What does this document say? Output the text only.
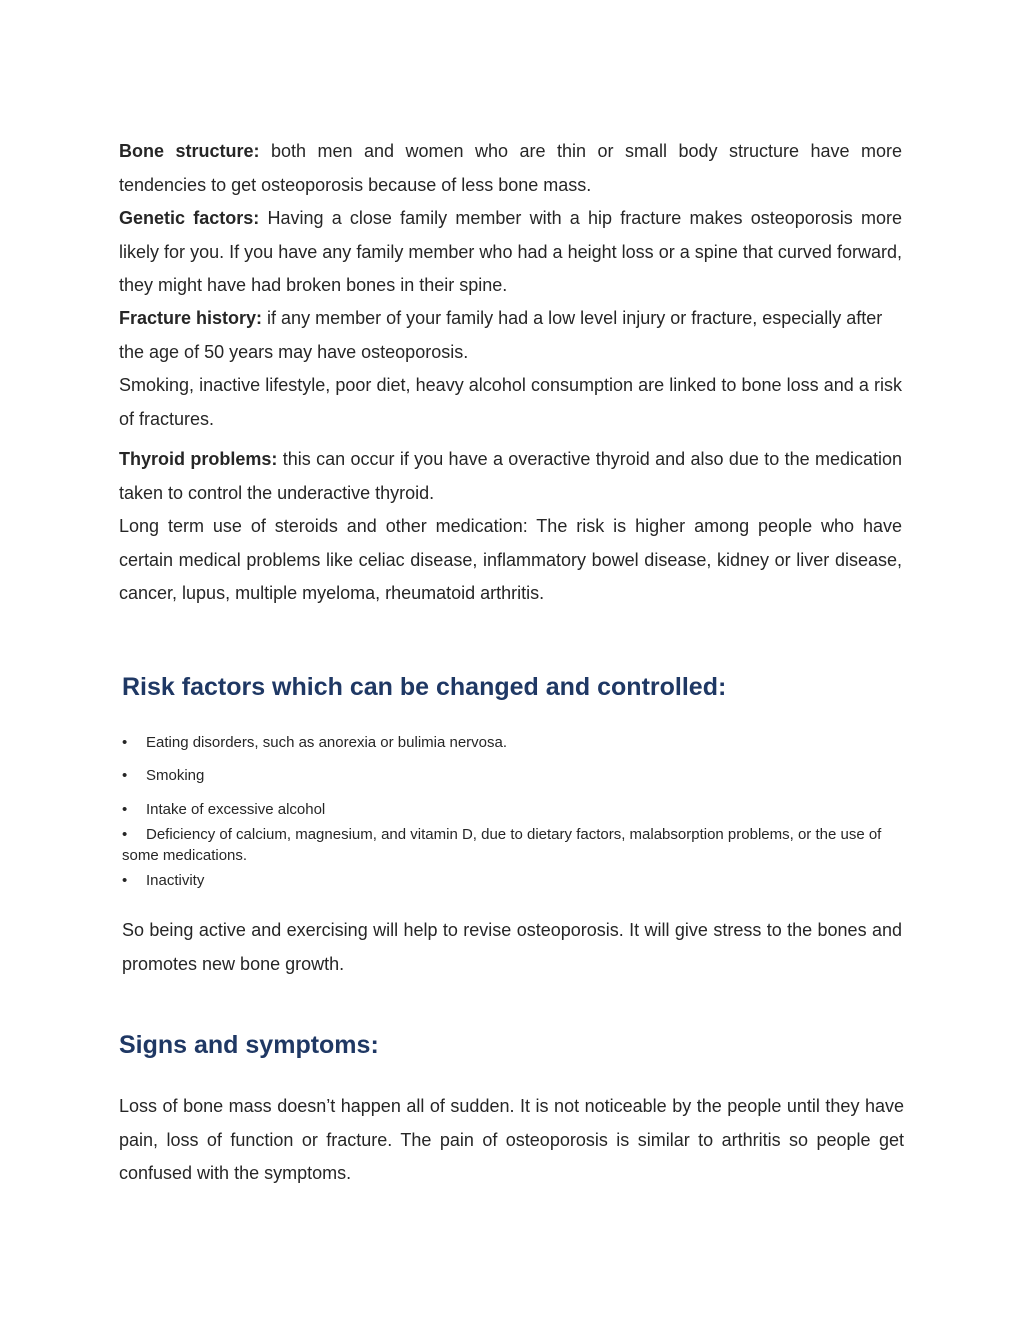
Bone structure: both men and women who are thin or small body structure have more tendencies to get osteoporosis because of less bone mass.
Genetic factors: Having a close family member with a hip fracture makes osteoporosis more likely for you. If you have any family member who had a height loss or a spine that curved forward, they might have had broken bones in their spine.
Fracture history: if any member of your family had a low level injury or fracture, especially after the age of 50 years may have osteoporosis.
Smoking, inactive lifestyle, poor diet, heavy alcohol consumption are linked to bone loss and a risk of fractures.
Thyroid problems: this can occur if you have a overactive thyroid and also due to the medication taken to control the underactive thyroid.
Long term use of steroids and other medication: The risk is higher among people who have certain medical problems like celiac disease, inflammatory bowel disease, kidney or liver disease, cancer, lupus, multiple myeloma, rheumatoid arthritis.
Risk factors which can be changed and controlled:
• Eating disorders, such as anorexia or bulimia nervosa.
• Smoking
• Intake of excessive alcohol
• Deficiency of calcium, magnesium, and vitamin D, due to dietary factors, malabsorption problems, or the use of some medications.
• Inactivity
So being active and exercising will help to revise osteoporosis. It will give stress to the bones and promotes new bone growth.
Signs and symptoms:
Loss of bone mass doesn’t happen all of sudden. It is not noticeable by the people until they have pain, loss of function or fracture. The pain of osteoporosis is similar to arthritis so people get confused with the symptoms.
